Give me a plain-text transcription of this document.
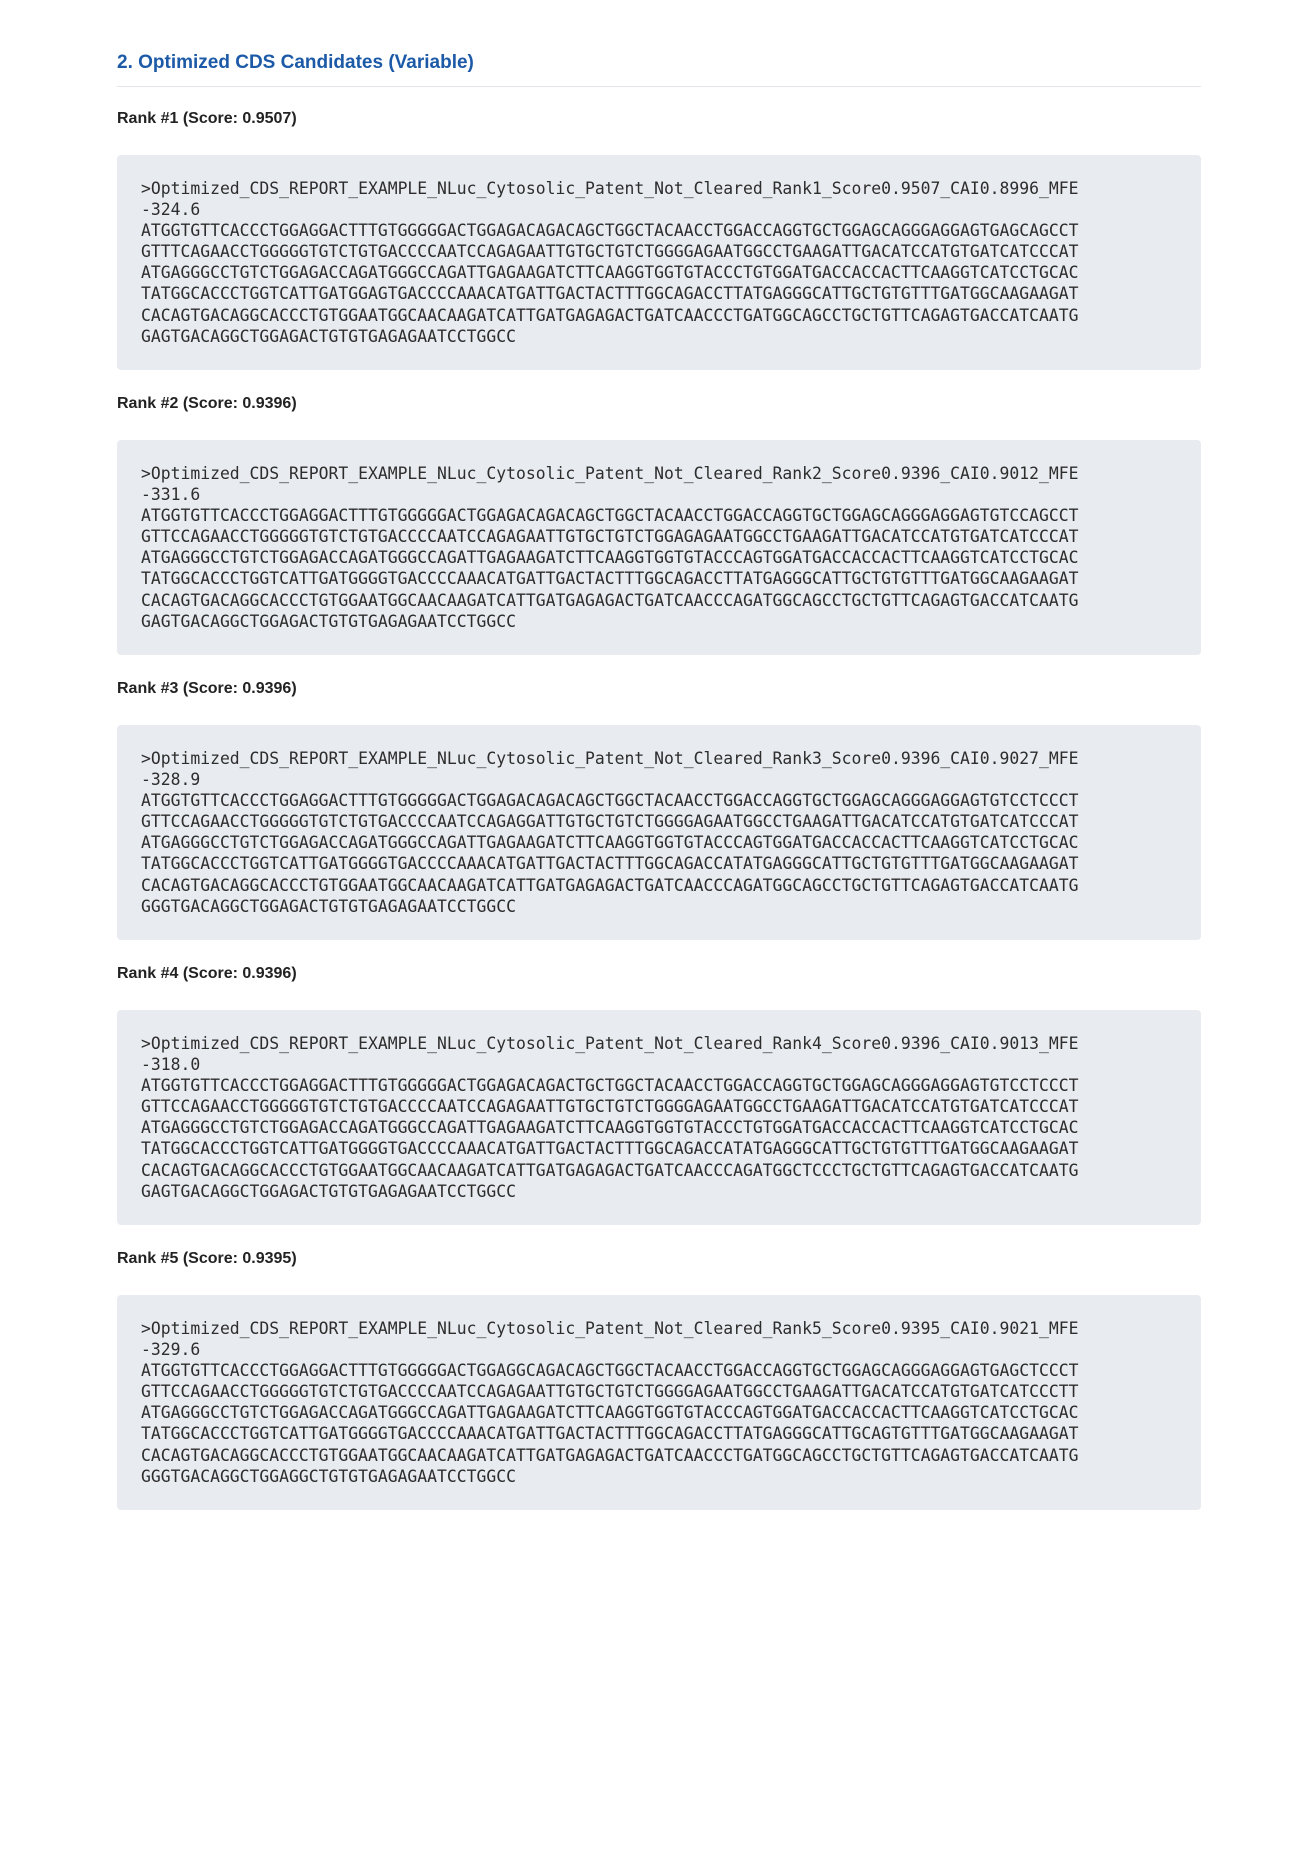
2. Optimized CDS Candidates (Variable)
Rank #1 (Score: 0.9507)
>Optimized_CDS_REPORT_EXAMPLE_NLuc_Cytosolic_Patent_Not_Cleared_Rank1_Score0.9507_CAI0.8996_MFE
-324.6
ATGGTGTTCACCCTGGAGGACTTTGTGGGGGACTGGAGACAGACAGCTGGCTACAACCTGGACCAGGTGCTGGAGCAGGGAGGAGTGAGCAGCCT
GTTTCAGAACCTGGGGGTGTCTGTGACCCCAATCCAGAGAATTGTGCTGTCTGGGGAGAATGGCCTGAAGATTGACATCCATGTGATCATCCCAT
ATGAGGGCCTGTCTGGAGACCAGATGGGCCAGATTGAGAAGATCTTCAAGGTGGTGTACCCTGTGGATGACCACCACTTCAAGGTCATCCTGCAC
TATGGCACCCTGGTCATTGATGGAGTGACCCCAAACATGATTGACTACTTTGGCAGACCTTATGAGGGCATTGCTGTGTTTGATGGCAAGAAGAT
CACAGTGACAGGCACCCTGTGGAATGGCAACAAGATCATTGATGAGAGACTGATCAACCCTGATGGCAGCCTGCTGTTCAGAGTGACCATCAATG
GAGTGACAGGCTGGAGACTGTGTGAGAGAATCCTGGCC
Rank #2 (Score: 0.9396)
>Optimized_CDS_REPORT_EXAMPLE_NLuc_Cytosolic_Patent_Not_Cleared_Rank2_Score0.9396_CAI0.9012_MFE
-331.6
ATGGTGTTCACCCTGGAGGACTTTGTGGGGGACTGGAGACAGACAGCTGGCTACAACCTGGACCAGGTGCTGGAGCAGGGAGGAGTGTCCAGCCT
GTTCCAGAACCTGGGGGTGTCTGTGACCCCAATCCAGAGAATTGTGCTGTCTGGAGAGAATGGCCTGAAGATTGACATCCATGTGATCATCCCAT
ATGAGGGCCTGTCTGGAGACCAGATGGGCCAGATTGAGAAGATCTTCAAGGTGGTGTACCCAGTGGATGACCACCACTTCAAGGTCATCCTGCAC
TATGGCACCCTGGTCATTGATGGGGTGACCCCAAACATGATTGACTACTTTGGCAGACCTTATGAGGGCATTGCTGTGTTTGATGGCAAGAAGAT
CACAGTGACAGGCACCCTGTGGAATGGCAACAAGATCATTGATGAGAGACTGATCAACCCAGATGGCAGCCTGCTGTTCAGAGTGACCATCAATG
GAGTGACAGGCTGGAGACTGTGTGAGAGAATCCTGGCC
Rank #3 (Score: 0.9396)
>Optimized_CDS_REPORT_EXAMPLE_NLuc_Cytosolic_Patent_Not_Cleared_Rank3_Score0.9396_CAI0.9027_MFE
-328.9
ATGGTGTTCACCCTGGAGGACTTTGTGGGGGACTGGAGACAGACAGCTGGCTACAACCTGGACCAGGTGCTGGAGCAGGGAGGAGTGTCCTCCCT
GTTCCAGAACCTGGGGGTGTCTGTGACCCCAATCCAGAGGATTGTGCTGTCTGGGGAGAATGGCCTGAAGATTGACATCCATGTGATCATCCCAT
ATGAGGGCCTGTCTGGAGACCAGATGGGCCAGATTGAGAAGATCTTCAAGGTGGTGTACCCAGTGGATGACCACCACTTCAAGGTCATCCTGCAC
TATGGCACCCTGGTCATTGATGGGGTGACCCCAAACATGATTGACTACTTTGGCAGACCATATGAGGGCATTGCTGTGTTTGATGGCAAGAAGAT
CACAGTGACAGGCACCCTGTGGAATGGCAACAAGATCATTGATGAGAGACTGATCAACCCAGATGGCAGCCTGCTGTTCAGAGTGACCATCAATG
GGGTGACAGGCTGGAGACTGTGTGAGAGAATCCTGGCC
Rank #4 (Score: 0.9396)
>Optimized_CDS_REPORT_EXAMPLE_NLuc_Cytosolic_Patent_Not_Cleared_Rank4_Score0.9396_CAI0.9013_MFE
-318.0
ATGGTGTTCACCCTGGAGGACTTTGTGGGGGACTGGAGACAGACTGCTGGCTACAACCTGGACCAGGTGCTGGAGCAGGGAGGAGTGTCCTCCCT
GTTCCAGAACCTGGGGGTGTCTGTGACCCCAATCCAGAGAATTGTGCTGTCTGGGGAGAATGGCCTGAAGATTGACATCCATGTGATCATCCCAT
ATGAGGGCCTGTCTGGAGACCAGATGGGCCAGATTGAGAAGATCTTCAAGGTGGTGTACCCTGTGGATGACCACCACTTCAAGGTCATCCTGCAC
TATGGCACCCTGGTCATTGATGGGGTGACCCCAAACATGATTGACTACTTTGGCAGACCATATGAGGGCATTGCTGTGTTTGATGGCAAGAAGAT
CACAGTGACAGGCACCCTGTGGAATGGCAACAAGATCATTGATGAGAGACTGATCAACCCAGATGGCTCCCTGCTGTTCAGAGTGACCATCAATG
GAGTGACAGGCTGGAGACTGTGTGAGAGAATCCTGGCC
Rank #5 (Score: 0.9395)
>Optimized_CDS_REPORT_EXAMPLE_NLuc_Cytosolic_Patent_Not_Cleared_Rank5_Score0.9395_CAI0.9021_MFE
-329.6
ATGGTGTTCACCCTGGAGGACTTTGTGGGGGACTGGAGGCAGACAGCTGGCTACAACCTGGACCAGGTGCTGGAGCAGGGAGGAGTGAGCTCCCT
GTTCCAGAACCTGGGGGTGTCTGTGACCCCAATCCAGAGAATTGTGCTGTCTGGGGAGAATGGCCTGAAGATTGACATCCATGTGATCATCCCTT
ATGAGGGCCTGTCTGGAGACCAGATGGGCCAGATTGAGAAGATCTTCAAGGTGGTGTACCCAGTGGATGACCACCACTTCAAGGTCATCCTGCAC
TATGGCACCCTGGTCATTGATGGGGTGACCCCAAACATGATTGACTACTTTGGCAGACCTTATGAGGGCATTGCAGTGTTTGATGGCAAGAAGAT
CACAGTGACAGGCACCCTGTGGAATGGCAACAAGATCATTGATGAGAGACTGATCAACCCTGATGGCAGCCTGCTGTTCAGAGTGACCATCAATG
GGGTGACAGGCTGGAGGCTGTGTGAGAGAATCCTGGCC
